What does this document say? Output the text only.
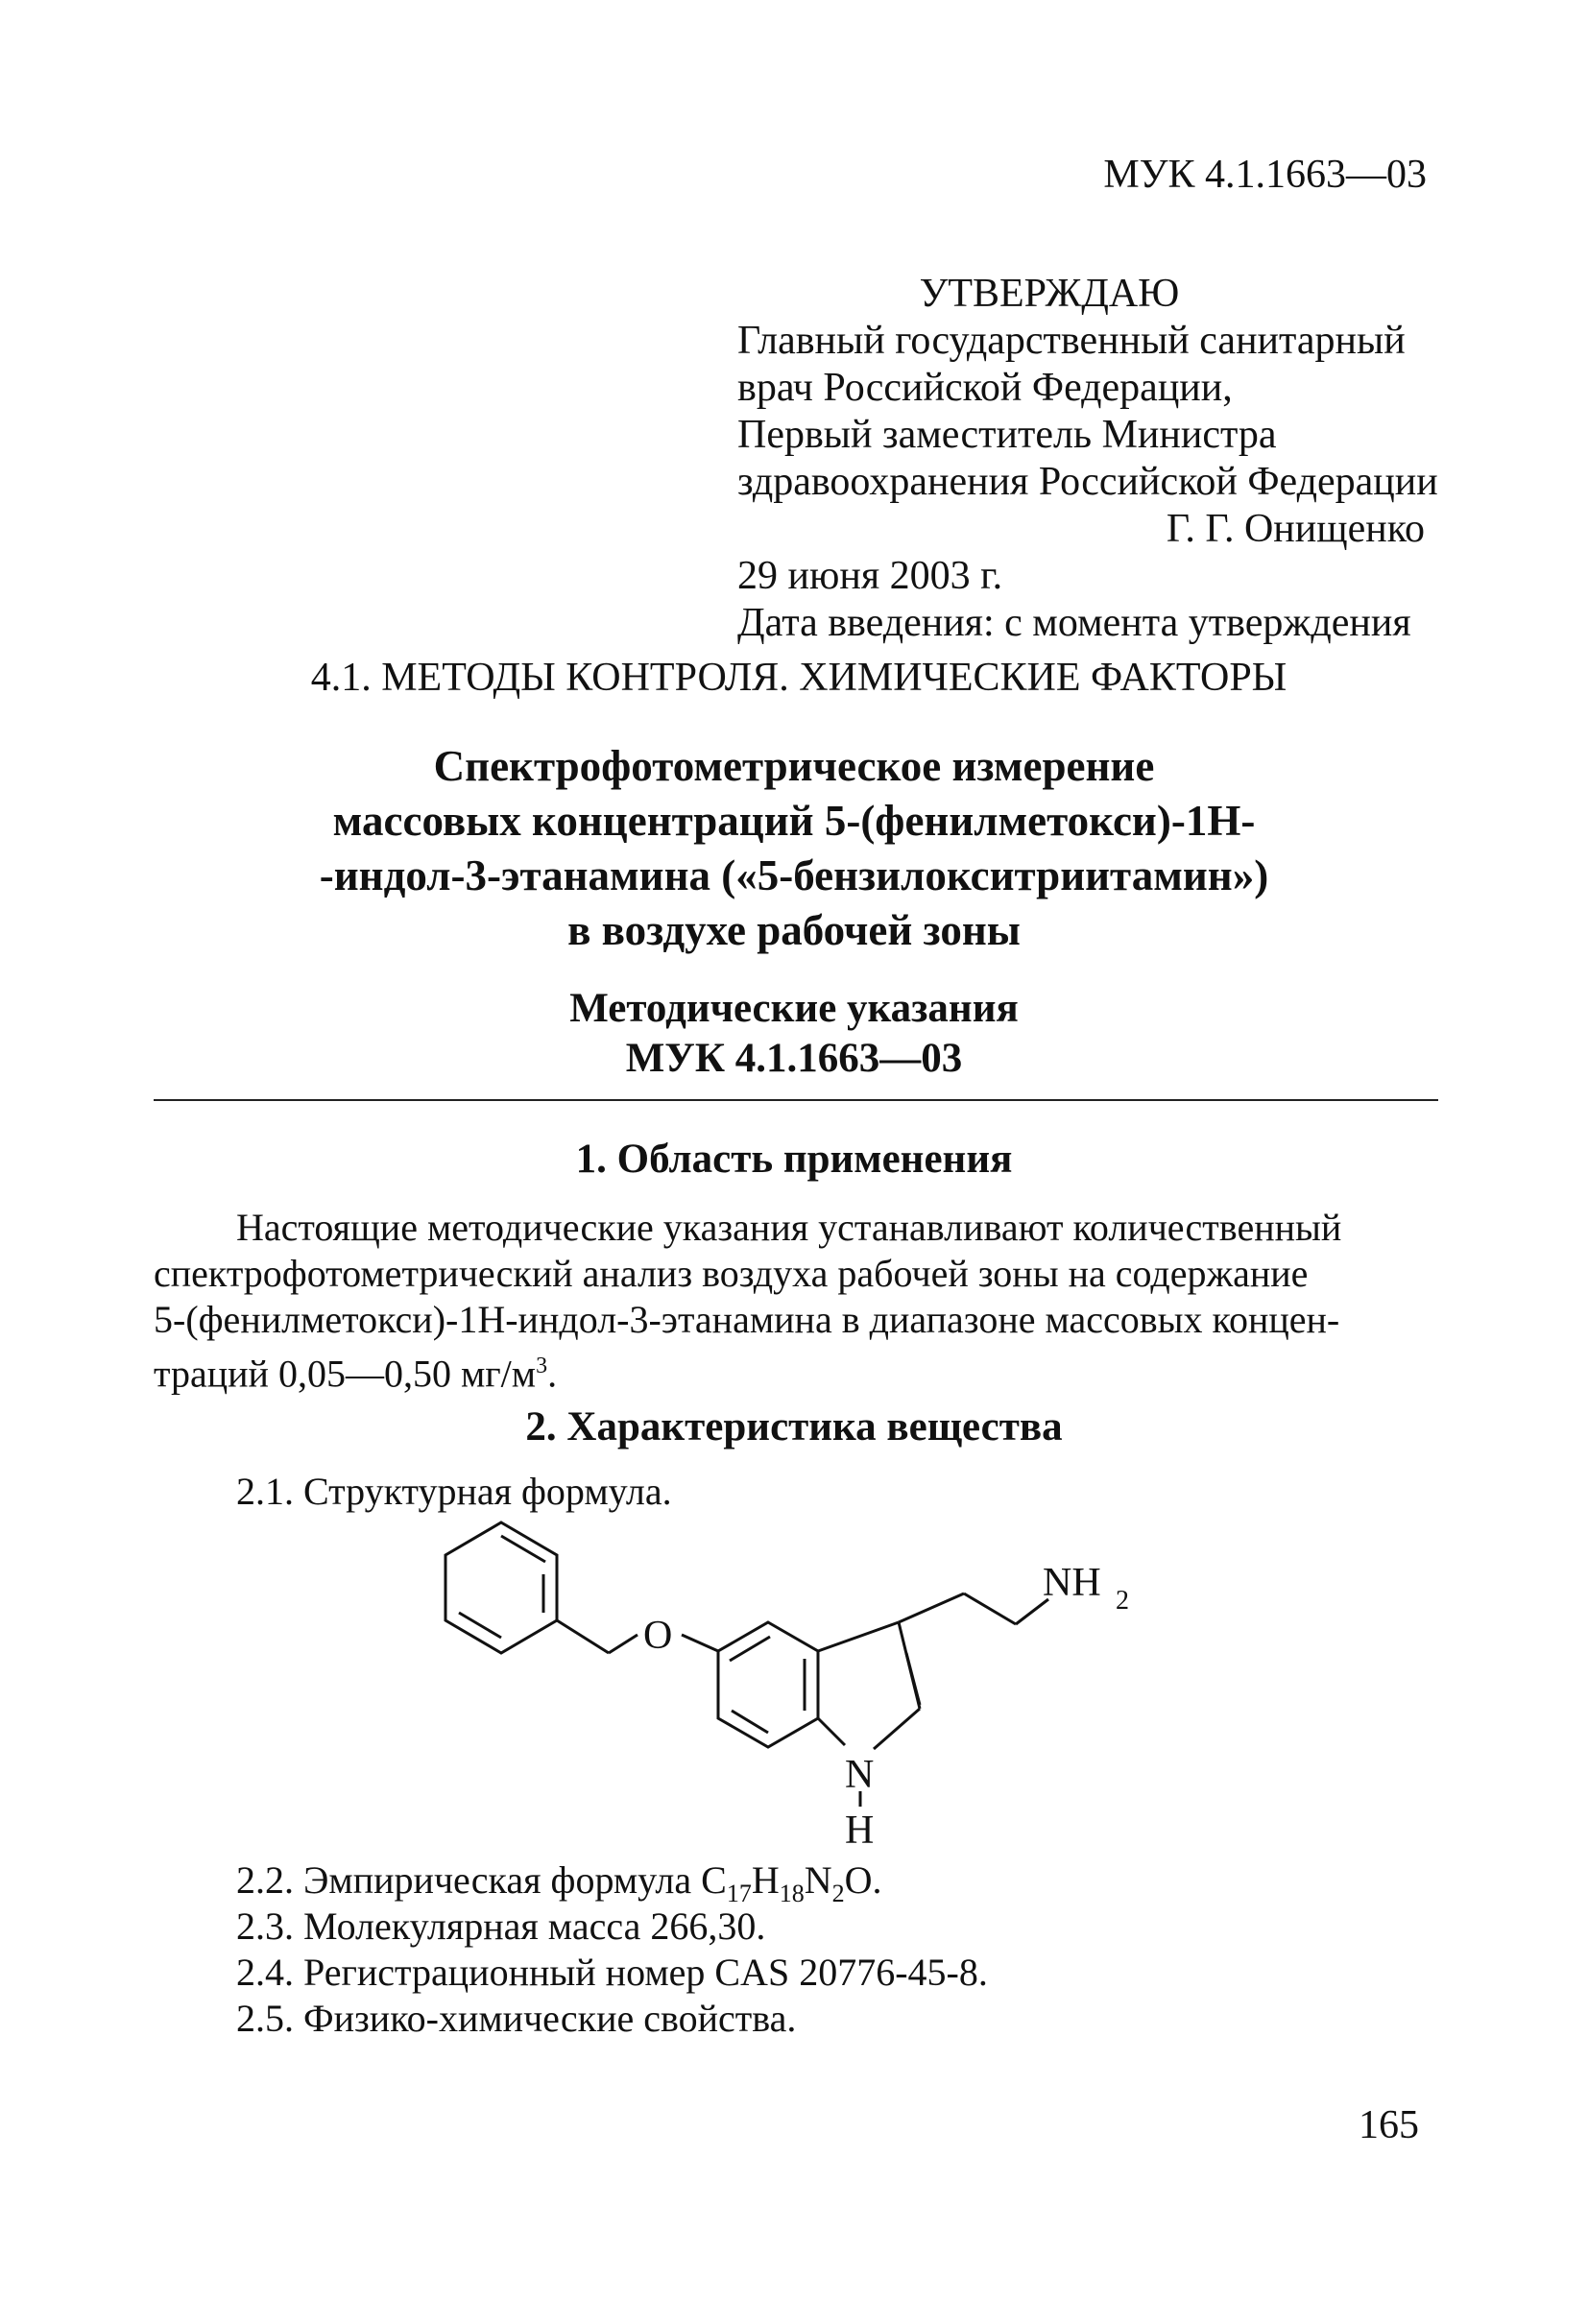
МУК 4.1.1663—03
УТВЕРЖДАЮ
Главный государственный санитарный
врач Российской Федерации,
Первый заместитель Министра
здравоохранения Российской Федерации
Г. Г. Онищенко
29 июня 2003 г.
Дата введения: с момента утверждения
4.1. МЕТОДЫ КОНТРОЛЯ. ХИМИЧЕСКИЕ ФАКТОРЫ
Спектрофотометрическое измерение
массовых концентраций 5-(фенилметокси)-1Н-
-индол-3-этанамина («5-бензилокситриитамин»)
в воздухе рабочей зоны
Методические указания
МУК 4.1.1663—03
1. Область применения
Настоящие методические указания устанавливают количественный
спектрофотометрический анализ воздуха рабочей зоны на содержание
5-(фенилметокси)-1Н-индол-3-этанамина в диапазоне массовых концен-
траций 0,05—0,50 $мг/м^3$.
2. Характеристика вещества
2.1. Структурная формула.
O
N
H
NH 2
2.2. Эмпирическая формула $C_{17}H_{18}N_2O$.
2.3. Молекулярная масса 266,30.
2.4. Регистрационный номер CAS 20776-45-8.
2.5. Физико-химические свойства.
165
